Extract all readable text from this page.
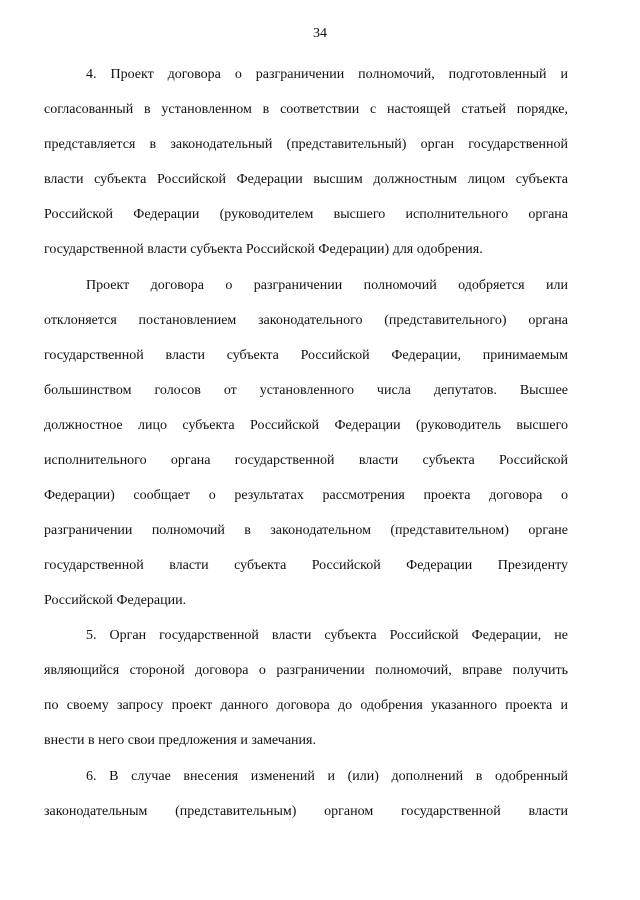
34
4. Проект договора о разграничении полномочий, подготовленный и
согласованный в установленном в соответствии с настоящей статьей порядке,
представляется в законодательный (представительный) орган государственной
власти субъекта Российской Федерации высшим должностным лицом субъекта
Российской Федерации (руководителем высшего исполнительного органа
государственной власти субъекта Российской Федерации) для одобрения.
Проект договора о разграничении полномочий одобряется или
отклоняется постановлением законодательного (представительного) органа
государственной власти субъекта Российской Федерации, принимаемым
большинством голосов от установленного числа депутатов. Высшее
должностное лицо субъекта Российской Федерации (руководитель высшего
исполнительного органа государственной власти субъекта Российской
Федерации) сообщает о результатах рассмотрения проекта договора о
разграничении полномочий в законодательном (представительном) органе
государственной власти субъекта Российской Федерации Президенту
Российской Федерации.
5. Орган государственной власти субъекта Российской Федерации, не
являющийся стороной договора о разграничении полномочий, вправе получить
по своему запросу проект данного договора до одобрения указанного проекта и
внести в него свои предложения и замечания.
6. В случае внесения изменений и (или) дополнений в одобренный
законодательным (представительным) органом государственной власти
